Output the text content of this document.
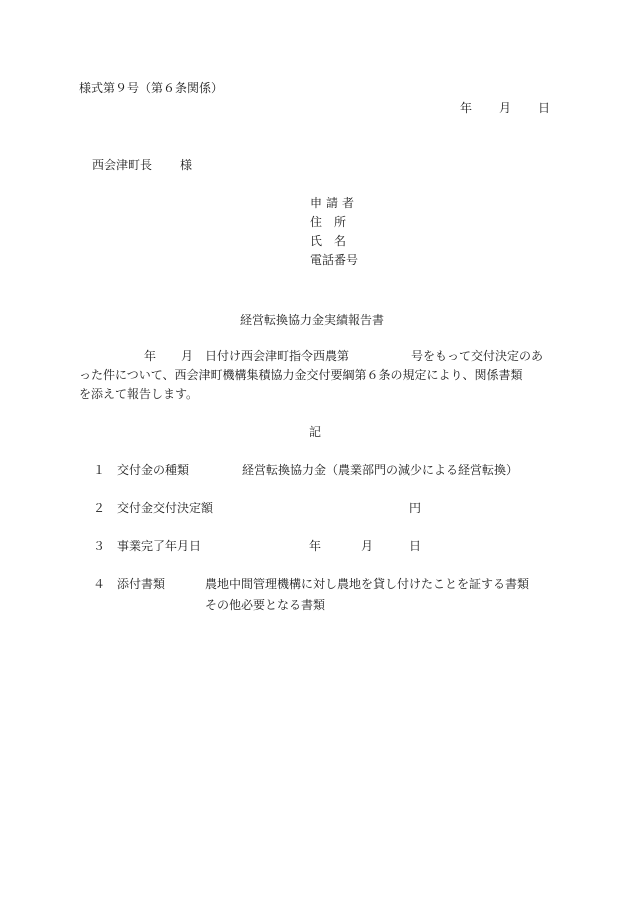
様式第９号（第６条関係）
年 月 日
西会津町長 様
申請者
住　所
氏　名
電話番号
経営転換協力金実績報告書
年 月 日付け西会津町指令西農第	号をもって交付決定のあ
った件について、西会津町機構集積協力金交付要綱第６条の規定により、関係書類
を添えて報告します。
記
１ 交付金の種類	経営転換協力金（農業部門の減少による経営転換）
２ 交付金交付決定額	円
３ 事業完了年月日	年	月	日
４ 添付書類	農地中間管理機構に対し農地を貸し付けたことを証する書類
その他必要となる書類
